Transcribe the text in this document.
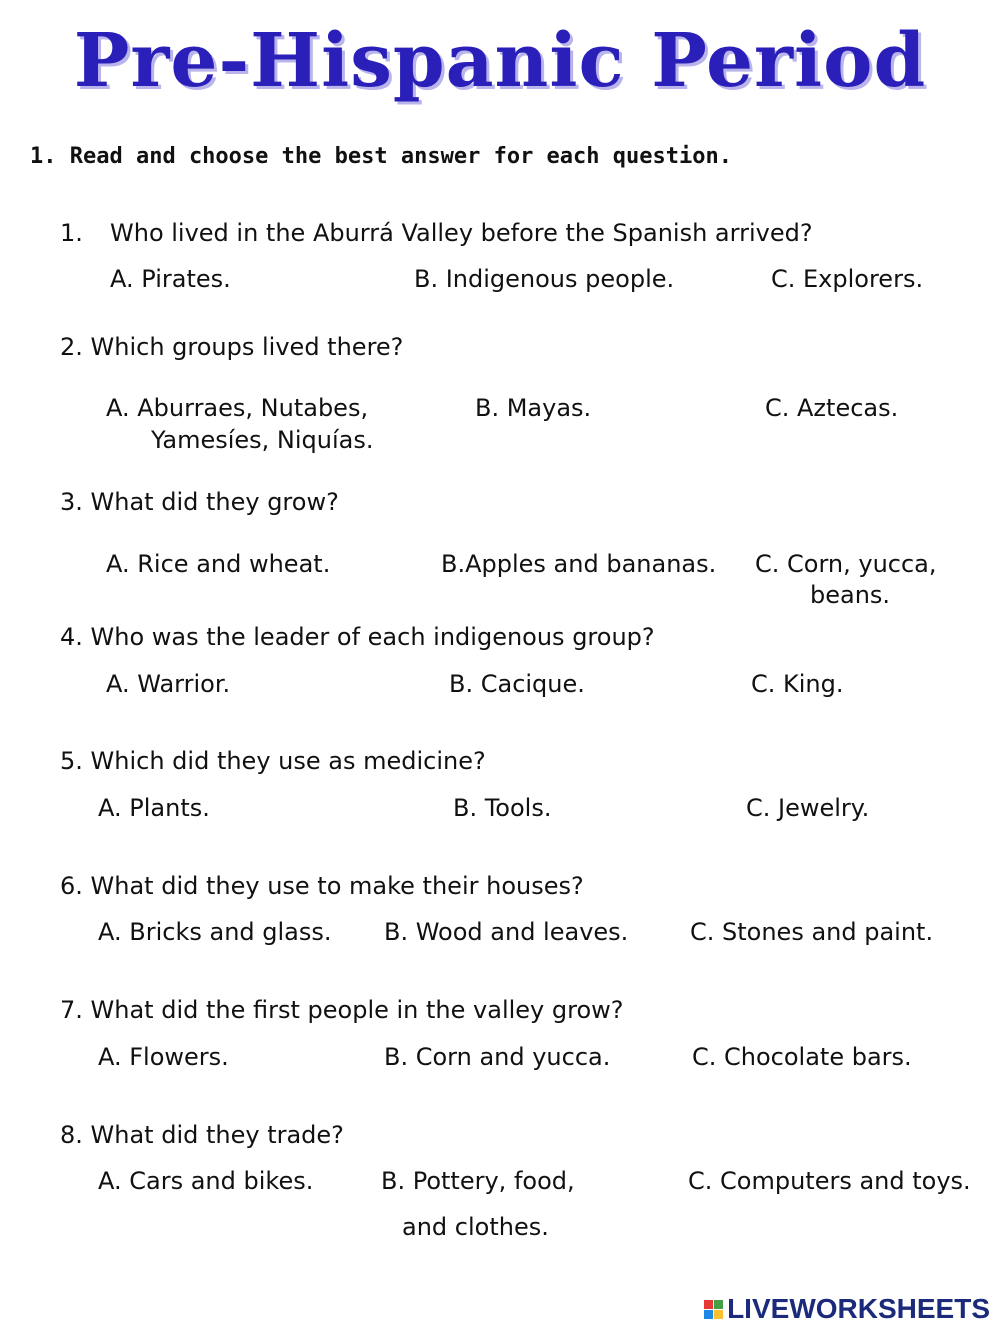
Pre-Hispanic Period
1. Read and choose the best answer for each question.
1. Who lived in the Aburrá Valley before the Spanish arrived?
A. Pirates.	B. Indigenous people.	C. Explorers.
2. Which groups lived there?
A. Aburraes, Nutabes,
Yamesíes, Niquías.
B. Mayas.	C. Aztecas.
3. What did they grow?
A. Rice and wheat.	B.Apples and bananas. C. Corn, yucca,
beans.
4. Who was the leader of each indigenous group?
A. Warrior.	B. Cacique.	C. King.
5. Which did they use as medicine?
A. Plants.	B. Tools.	C. Jewelry.
6. What did they use to make their houses?
A. Bricks and glass. B. Wood and leaves.	C. Stones and paint.
7. What did the first people in the valley grow?
A. Flowers.	B. Corn and yucca.	C. Chocolate bars.
8. What did they trade?
A. Cars and bikes.	B. Pottery, food,
and clothes.
C. Computers and toys.
LIVEWORKSHEETS
